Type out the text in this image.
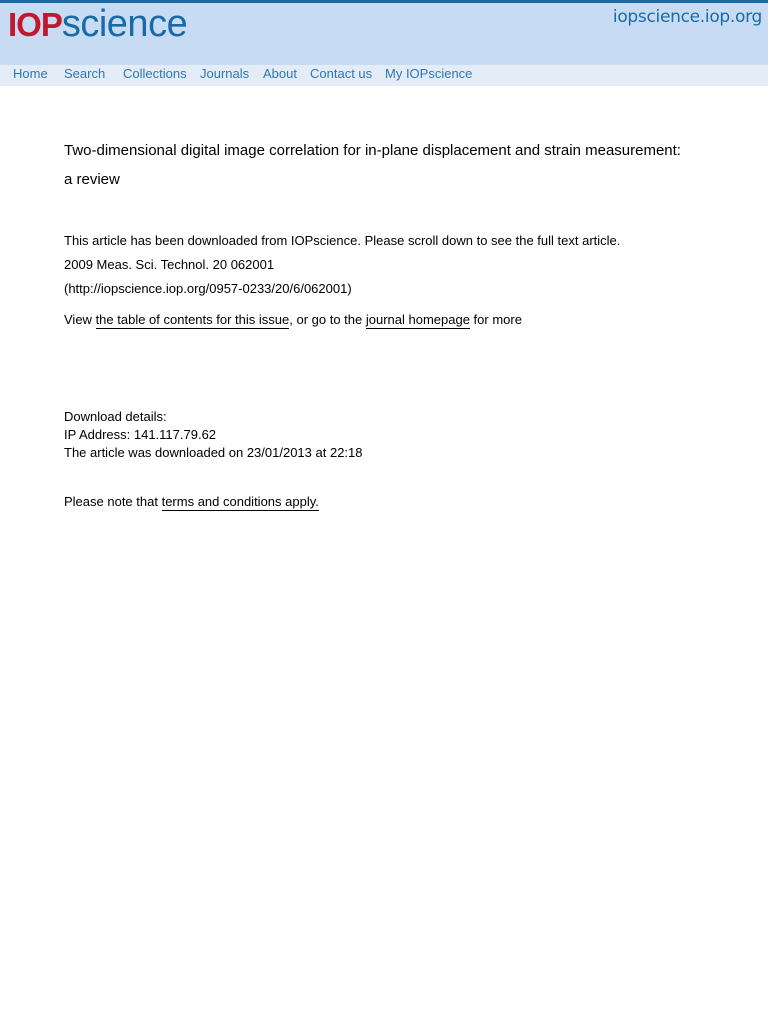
IOPscience	iopscience.iop.org
Home Search Collections Journals About Contact us My IOPscience
Two-dimensional digital image correlation for in-plane displacement and strain measurement:
a review
This article has been downloaded from IOPscience. Please scroll down to see the full text article.
2009 Meas. Sci. Technol. 20 062001
(http://iopscience.iop.org/0957-0233/20/6/062001)
View the table of contents for this issue, or go to the journal homepage for more
Download details:
IP Address: 141.117.79.62
The article was downloaded on 23/01/2013 at 22:18
Please note that terms and conditions apply.
